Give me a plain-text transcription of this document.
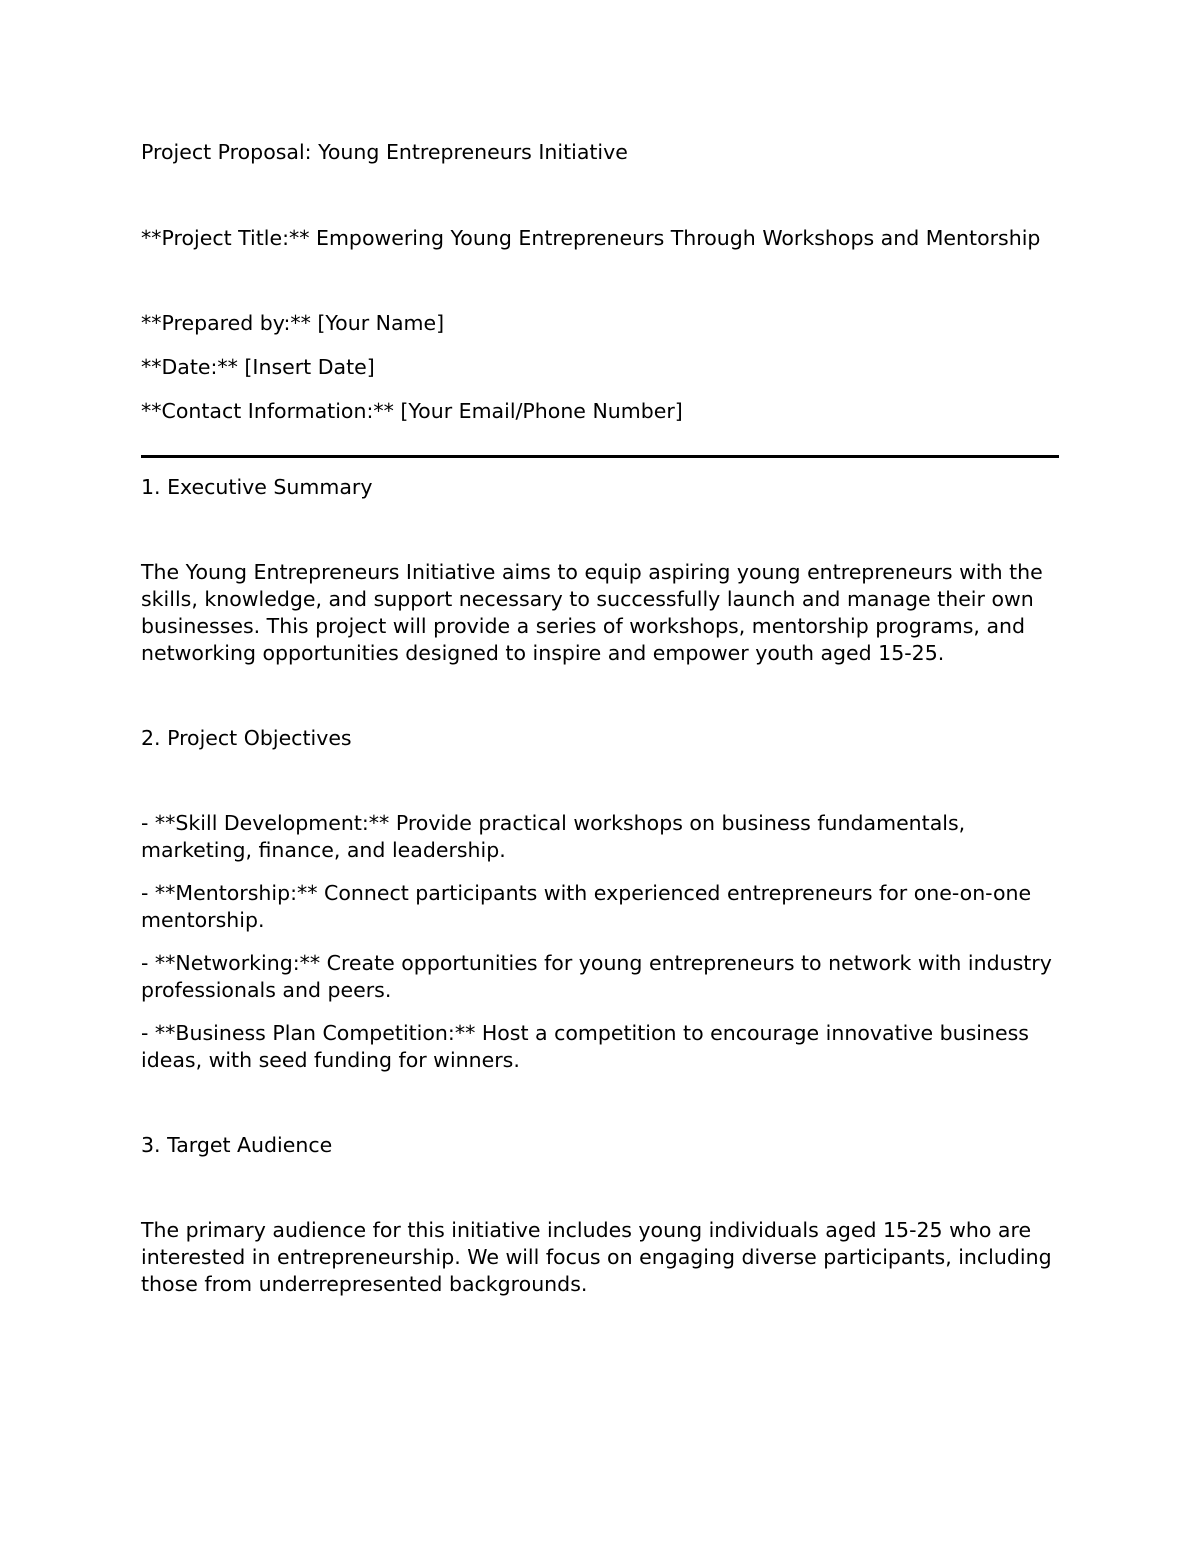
Project Proposal: Young Entrepreneurs Initiative

**Project Title:** Empowering Young Entrepreneurs Through Workshops and Mentorship

**Prepared by:** [Your Name]

**Date:** [Insert Date]

**Contact Information:** [Your Email/Phone Number]

1. Executive Summary

The Young Entrepreneurs Initiative aims to equip aspiring young entrepreneurs with the skills, knowledge, and support necessary to successfully launch and manage their own businesses. This project will provide a series of workshops, mentorship programs, and networking opportunities designed to inspire and empower youth aged 15-25.

2. Project Objectives

- **Skill Development:** Provide practical workshops on business fundamentals, marketing, finance, and leadership.

- **Mentorship:** Connect participants with experienced entrepreneurs for one-on-one mentorship.

- **Networking:** Create opportunities for young entrepreneurs to network with industry professionals and peers.

- **Business Plan Competition:** Host a competition to encourage innovative business ideas, with seed funding for winners.

3. Target Audience

The primary audience for this initiative includes young individuals aged 15-25 who are interested in entrepreneurship. We will focus on engaging diverse participants, including those from underrepresented backgrounds.
